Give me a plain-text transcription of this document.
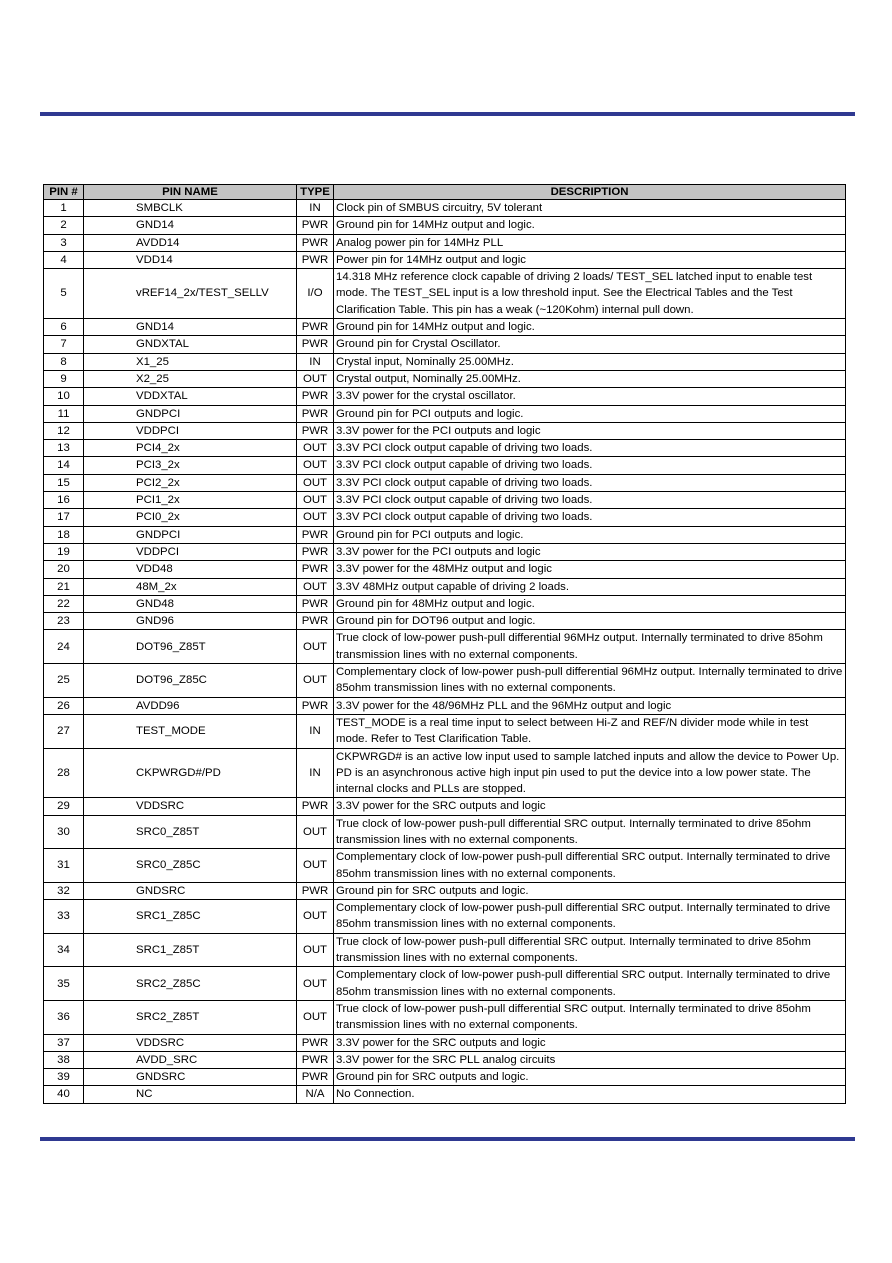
PIN #	PIN NAME	TYPE	DESCRIPTION
1	SMBCLK	IN	Clock pin of SMBUS circuitry, 5V tolerant
2	GND14	PWR	Ground pin for 14MHz output and logic.
3	AVDD14	PWR	Analog power pin for 14MHz PLL
4	VDD14	PWR	Power pin for 14MHz output and logic
5	vREF14_2x/TEST_SELLV	I/O	14.318 MHz reference clock capable of driving 2 loads/ TEST_SEL latched input to enable test mode. The TEST_SEL input is a low threshold input. See the Electrical Tables and the Test Clarification Table. This pin has a weak (~120Kohm) internal pull down.
6	GND14	PWR	Ground pin for 14MHz output and logic.
7	GNDXTAL	PWR	Ground pin for Crystal Oscillator.
8	X1_25	IN	Crystal input, Nominally 25.00MHz.
9	X2_25	OUT	Crystal output, Nominally 25.00MHz.
10	VDDXTAL	PWR	3.3V power for the crystal oscillator.
11	GNDPCI	PWR	Ground pin for PCI outputs and logic.
12	VDDPCI	PWR	3.3V power for the PCI outputs and logic
13	PCI4_2x	OUT	3.3V PCI clock output capable of driving two loads.
14	PCI3_2x	OUT	3.3V PCI clock output capable of driving two loads.
15	PCI2_2x	OUT	3.3V PCI clock output capable of driving two loads.
16	PCI1_2x	OUT	3.3V PCI clock output capable of driving two loads.
17	PCI0_2x	OUT	3.3V PCI clock output capable of driving two loads.
18	GNDPCI	PWR	Ground pin for PCI outputs and logic.
19	VDDPCI	PWR	3.3V power for the PCI outputs and logic
20	VDD48	PWR	3.3V power for the 48MHz output and logic
21	48M_2x	OUT	3.3V 48MHz output capable of driving 2 loads.
22	GND48	PWR	Ground pin for 48MHz output and logic.
23	GND96	PWR	Ground pin for DOT96 output and logic.
24	DOT96_Z85T	OUT	True clock of low-power push-pull differential 96MHz output. Internally terminated to drive 85ohm transmission lines with no external components.
25	DOT96_Z85C	OUT	Complementary clock of low-power push-pull differential 96MHz output. Internally terminated to drive 85ohm transmission lines with no external components.
26	AVDD96	PWR	3.3V power for the 48/96MHz PLL and the 96MHz output and logic
27	TEST_MODE	IN	TEST_MODE is a real time input to select between Hi-Z and REF/N divider mode while in test mode. Refer to Test Clarification Table.
28	CKPWRGD#/PD	IN	CKPWRGD# is an active low input used to sample latched inputs and allow the device to Power Up. PD is an asynchronous active high input pin used to put the device into a low power state. The internal clocks and PLLs are stopped.
29	VDDSRC	PWR	3.3V power for the SRC outputs and logic
30	SRC0_Z85T	OUT	True clock of low-power push-pull differential SRC output. Internally terminated to drive 85ohm transmission lines with no external components.
31	SRC0_Z85C	OUT	Complementary clock of low-power push-pull differential SRC output. Internally terminated to drive 85ohm transmission lines with no external components.
32	GNDSRC	PWR	Ground pin for SRC outputs and logic.
33	SRC1_Z85C	OUT	Complementary clock of low-power push-pull differential SRC output. Internally terminated to drive 85ohm transmission lines with no external components.
34	SRC1_Z85T	OUT	True clock of low-power push-pull differential SRC output. Internally terminated to drive 85ohm transmission lines with no external components.
35	SRC2_Z85C	OUT	Complementary clock of low-power push-pull differential SRC output. Internally terminated to drive 85ohm transmission lines with no external components.
36	SRC2_Z85T	OUT	True clock of low-power push-pull differential SRC output. Internally terminated to drive 85ohm transmission lines with no external components.
37	VDDSRC	PWR	3.3V power for the SRC outputs and logic
38	AVDD_SRC	PWR	3.3V power for the SRC PLL analog circuits
39	GNDSRC	PWR	Ground pin for SRC outputs and logic.
40	NC	N/A	No Connection.
